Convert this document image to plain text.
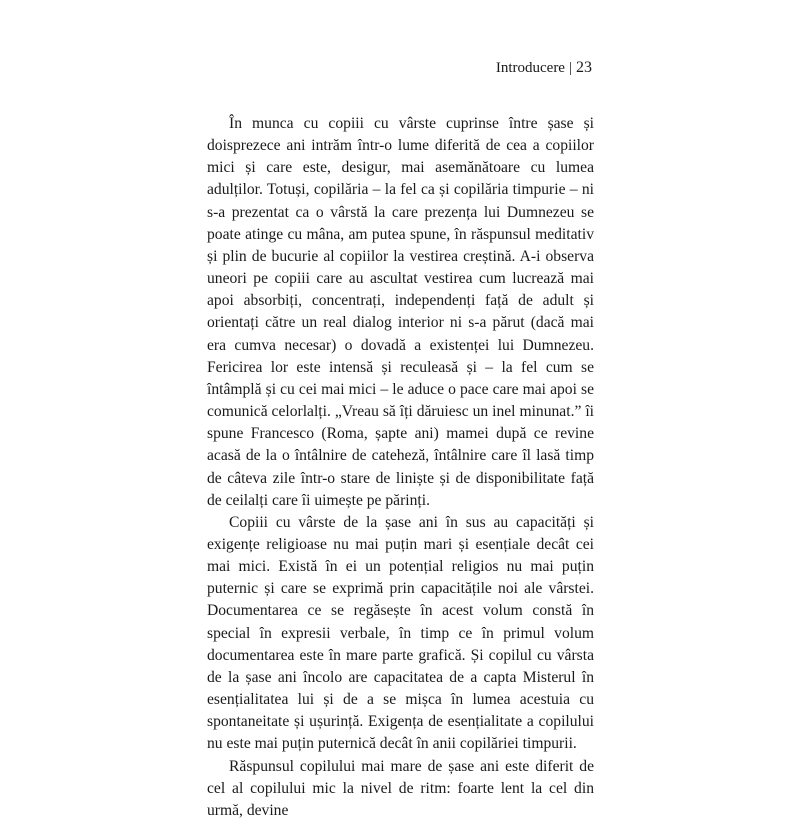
Introducere | 23

În munca cu copiii cu vârste cuprinse între șase și doisprezece ani intrăm într-o lume diferită de cea a copiilor mici și care este, desigur, mai asemănătoare cu lumea adulților. Totuși, copilăria – la fel ca și copilăria timpurie – ni s-a prezentat ca o vârstă la care prezența lui Dumnezeu se poate atinge cu mâna, am putea spune, în răspunsul meditativ și plin de bucurie al copiilor la vestirea creștină. A-i observa uneori pe copiii care au ascultat vestirea cum lucrează mai apoi absorbiți, concentrați, independenți față de adult și orientați către un real dialog interior ni s-a părut (dacă mai era cumva necesar) o dovadă a existenței lui Dumnezeu. Fericirea lor este intensă și reculeasă și – la fel cum se întâmplă și cu cei mai mici – le aduce o pace care mai apoi se comunică celorlalți. „Vreau să îți dăruiesc un inel minunat.” îi spune Francesco (Roma, șapte ani) mamei după ce revine acasă de la o întâlnire de cateheză, întâlnire care îl lasă timp de câteva zile într-o stare de liniște și de disponibilitate față de ceilalți care îi uimește pe părinți.

Copiii cu vârste de la șase ani în sus au capacități și exigențe religioase nu mai puțin mari și esențiale decât cei mai mici. Există în ei un potențial religios nu mai puțin puternic și care se exprimă prin capacitățile noi ale vârstei. Documentarea ce se regăsește în acest volum constă în special în expresii verbale, în timp ce în primul volum documentarea este în mare parte grafică. Și copilul cu vârsta de la șase ani încolo are capacitatea de a capta Misterul în esențialitatea lui și de a se mișca în lumea acestuia cu spontaneitate și ușurință. Exigența de esențialitate a copilului nu este mai puțin puternică decât în anii copilăriei timpurii.

Răspunsul copilului mai mare de șase ani este diferit de cel al copilului mic la nivel de ritm: foarte lent la cel din urmă, devine
